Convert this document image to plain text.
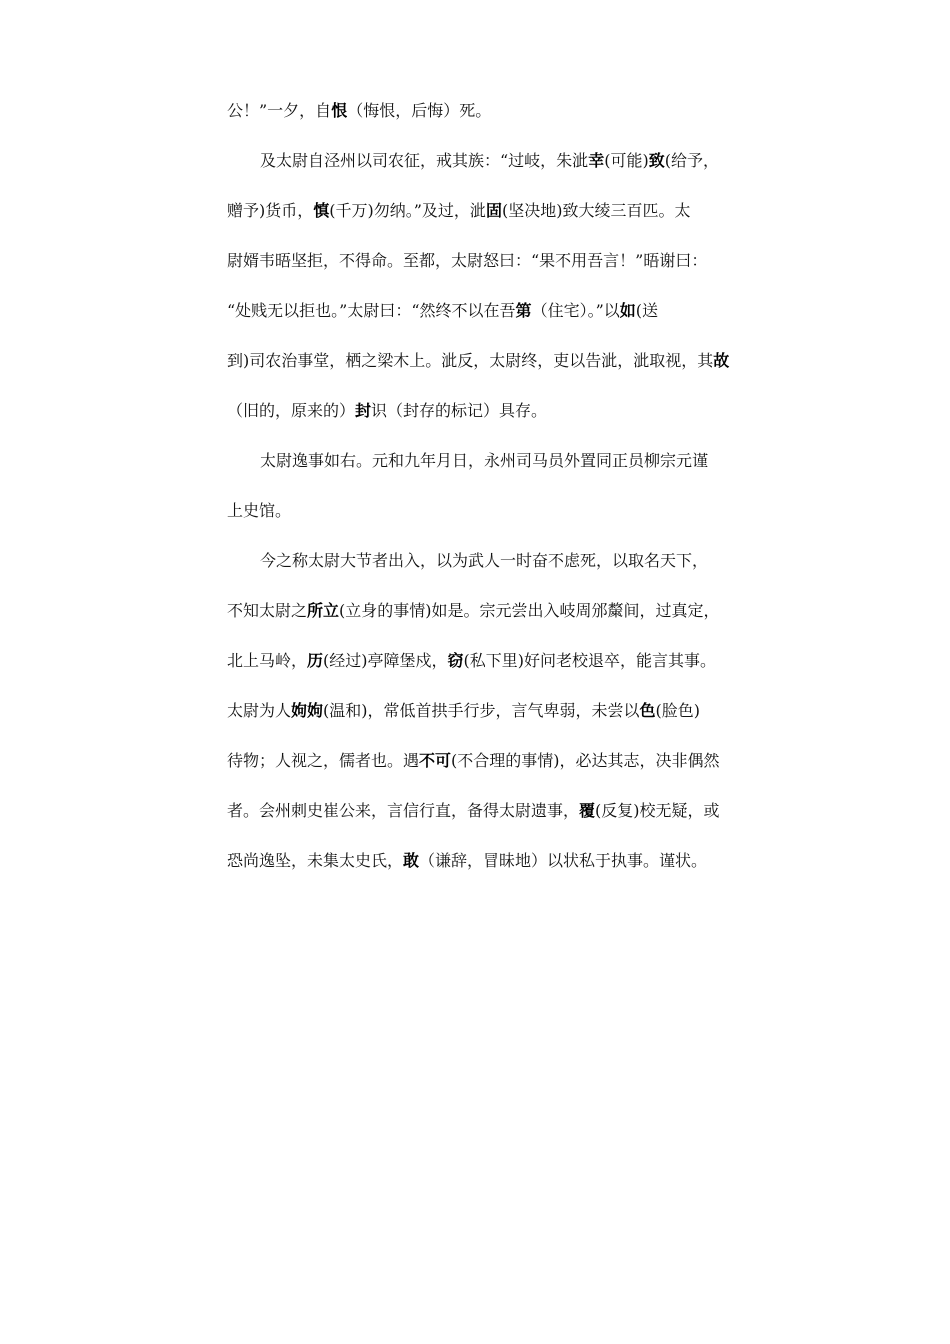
公！”一夕，自恨（悔恨，后悔）死。
及太尉自泾州以司农征，戒其族：“过岐，朱泚幸(可能)致(给予，
赠予)货币，慎(千万)勿纳。”及过，泚固(坚决地)致大绫三百匹。太
尉婿韦晤坚拒，不得命。至都，太尉怒曰：“果不用吾言！”晤谢曰：
“处贱无以拒也。”太尉曰：“然终不以在吾第（住宅）。”以如(送
到)司农治事堂，栖之梁木上。泚反，太尉终，吏以告泚，泚取视，其故
（旧的，原来的）封识（封存的标记）具存。
太尉逸事如右。元和九年月日，永州司马员外置同正员柳宗元谨
上史馆。
今之称太尉大节者出入，以为武人一时奋不虑死，以取名天下，
不知太尉之所立(立身的事情)如是。宗元尝出入岐周邠斄间，过真定，
北上马岭，历(经过)亭障堡戍，窃(私下里)好问老校退卒，能言其事。
太尉为人姁姁(温和)，常低首拱手行步，言气卑弱，未尝以色(脸色)
待物；人视之，儒者也。遇不可(不合理的事情)，必达其志，决非偶然
者。会州刺史崔公来，言信行直，备得太尉遗事，覆(反复)校无疑，或
恐尚逸坠，未集太史氏，敢（谦辞，冒昧地）以状私于执事。谨状。
